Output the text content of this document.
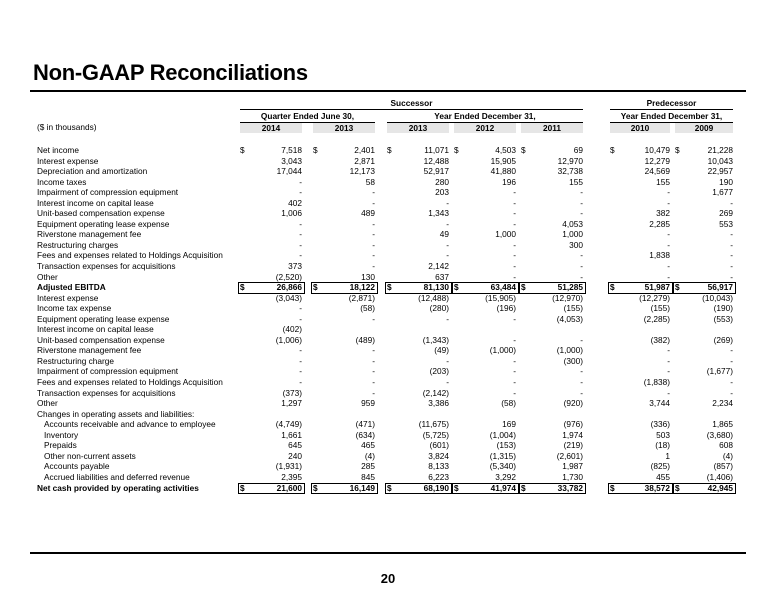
Non-GAAP Reconciliations
Successor	Predecessor
Quarter Ended June 30,	Year Ended December 31,	Year Ended December 31,
($ in thousands)	2014	2013	2013	2012	2011	2010	2009
Net income	$	7,518 $	2,401 $	11,071 $	4,503 $	69	$	10,479 $	21,228
Interest expense	3,043	2,871	12,488	15,905	12,970	12,279	10,043
Depreciation and amortization	17,044	12,173	52,917	41,880	32,738	24,569	22,957
Income taxes	-	58	280	196	155	155	190
Impairment of compression equipment	-	-	203	-	-	-	1,677
Interest income on capital lease	402	-	-	-	-	-	-
Unit-based compensation expense	1,006	489	1,343	-	-	382	269
Equipment operating lease expense	-	-	-	-	4,053	2,285	553
Riverstone management fee	-	-	49	1,000	1,000	-	-
Restructuring charges	-	-	-	-	300	-	-
Fees and expenses related to Holdings Acquisition	-	-	-	-	-	1,838	-
Transaction expenses for acquisitions	373	-	2,142	-	-	-	-
Other	(2,520)	130	637	-	-	-	-
Adjusted EBITDA	$	26,866 $	18,122 $	81,130 $	63,484 $	51,285	$	51,987 $	56,917
Interest expense	(3,043)	(2,871)	(12,488)	(15,905)	(12,970)	(12,279)	(10,043)
Income tax expense	-	(58)	(280)	(196)	(155)	(155)	(190)
Equipment operating lease expense	-	-	-	-	(4,053)	(2,285)	(553)
Interest income on capital lease	(402)
Unit-based compensation expense	(1,006)	(489)	(1,343)	-	-	(382)	(269)
Riverstone management fee	-	-	(49)	(1,000)	(1,000)	-	-
Restructuring charge	-	-	-	-	(300)	-	-
Impairment of compression equipment	-	-	(203)	-	-	-	(1,677)
Fees and expenses related to Holdings Acquisition	-	-	-	-	-	(1,838)	-
Transaction expenses for acquisitions	(373)	-	(2,142)	-	-	-	-
Other	1,297	959	3,386	(58)	(920)	3,744	2,234
Changes in operating assets and liabilities:
Accounts receivable and advance to employee	(4,749)	(471)	(11,675)	169	(976)	(336)	1,865
Inventory	1,661	(634)	(5,725)	(1,004)	1,974	503	(3,680)
Prepaids	645	465	(601)	(153)	(219)	(18)	608
Other non-current assets	240	(4)	3,824	(1,315)	(2,601)	1	(4)
Accounts payable	(1,931)	285	8,133	(5,340)	1,987	(825)	(857)
Accrued liabilities and deferred revenue	2,395	845	6,223	3,292	1,730	455	(1,406)
Net cash provided by operating activities	$	21,600 $	16,149 $	68,190 $	41,974 $	33,782	$	38,572 $	42,945
20
